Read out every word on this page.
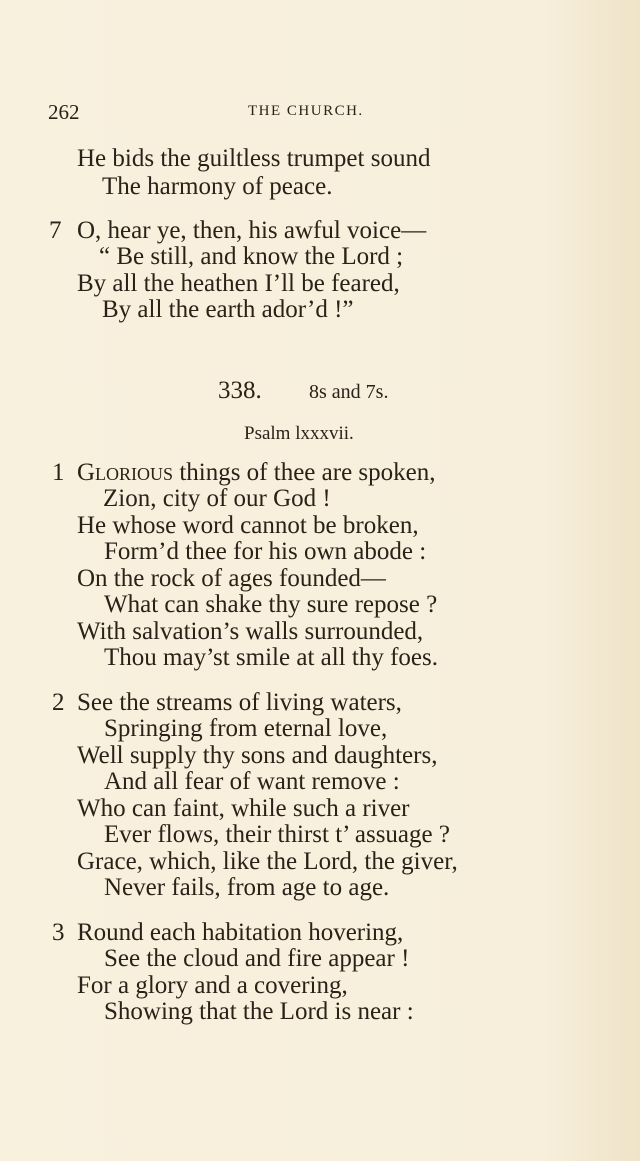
262	THE CHURCH.
He bids the guiltless trumpet sound
The harmony of peace.
7 O, hear ye, then, his awful voice—
“ Be still, and know the Lord ;
By all the heathen I’ll be feared,
By all the earth ador’d !”
338. 8s and 7s.
Psalm lxxxvii.
1 Glorious things of thee are spoken,
Zion, city of our God !
He whose word cannot be broken,
Form’d thee for his own abode :
On the rock of ages founded—
What can shake thy sure repose ?
With salvation’s walls surrounded,
Thou may’st smile at all thy foes.
2 See the streams of living waters,
Springing from eternal love,
Well supply thy sons and daughters,
And all fear of want remove :
Who can faint, while such a river
Ever flows, their thirst t’ assuage ?
Grace, which, like the Lord, the giver,
Never fails, from age to age.
3 Round each habitation hovering,
See the cloud and fire appear !
For a glory and a covering,
Showing that the Lord is near :
